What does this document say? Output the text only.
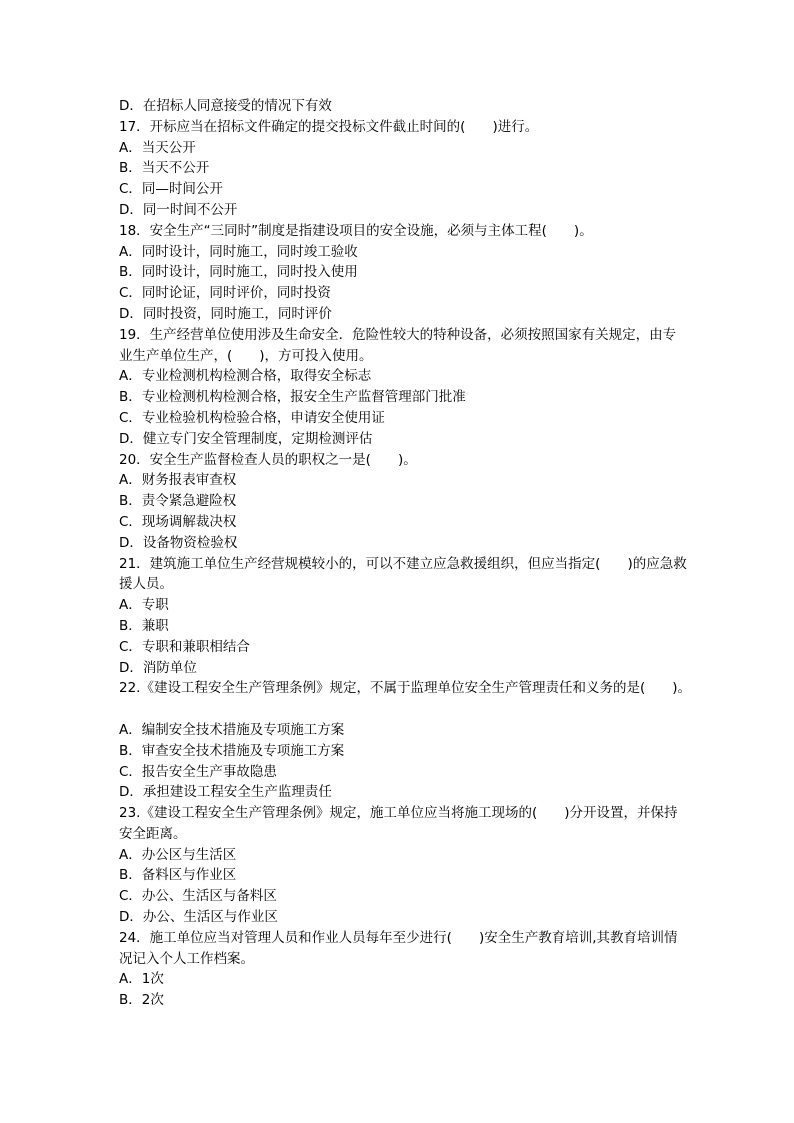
D．在招标人同意接受的情况下有效
17．开标应当在招标文件确定的提交投标文件截止时间的(　　)进行。
A．当天公开
B．当天不公开
C．同—时间公开
D．同一时间不公开
18．安全生产“三同时”制度是指建设项目的安全设施，必须与主体工程(　　)。
A．同时设计，同时施工，同时竣工验收
B．同时设计，同时施工，同时投入使用
C．同时论证，同时评价，同时投资
D．同时投资，同时施工，同时评价
19．生产经营单位使用涉及生命安全．危险性较大的特种设备，必须按照国家有关规定，由专
业生产单位生产，(　　)，方可投入使用。
A．专业检测机构检测合格，取得安全标志
B．专业检测机构检测合格，报安全生产监督管理部门批准
C．专业检验机构检验合格，申请安全使用证
D．健立专门安全管理制度，定期检测评估
20．安全生产监督检查人员的职权之一是(　　)。
A．财务报表审查权
B．责令紧急避险权
C．现场调解裁决权
D．设备物资检验权
21．建筑施工单位生产经营规模较小的，可以不建立应急救援组织，但应当指定(　　)的应急救
援人员。
A．专职
B．兼职
C．专职和兼职相结合
D．消防单位
22.《建设工程安全生产管理条例》规定，不属于监理单位安全生产管理责任和义务的是(　　)。
A．编制安全技术措施及专项施工方案
B．审查安全技术措施及专项施工方案
C．报告安全生产事故隐患
D．承担建设工程安全生产监理责任
23.《建设工程安全生产管理条例》规定，施工单位应当将施工现场的(　　)分开设置，并保持
安全距离。
A．办公区与生活区
B．备料区与作业区
C．办公、生活区与备料区
D．办公、生活区与作业区
24．施工单位应当对管理人员和作业人员每年至少进行(　　)安全生产教育培训,其教育培训情
况记入个人工作档案。
A．1次
B．2次
